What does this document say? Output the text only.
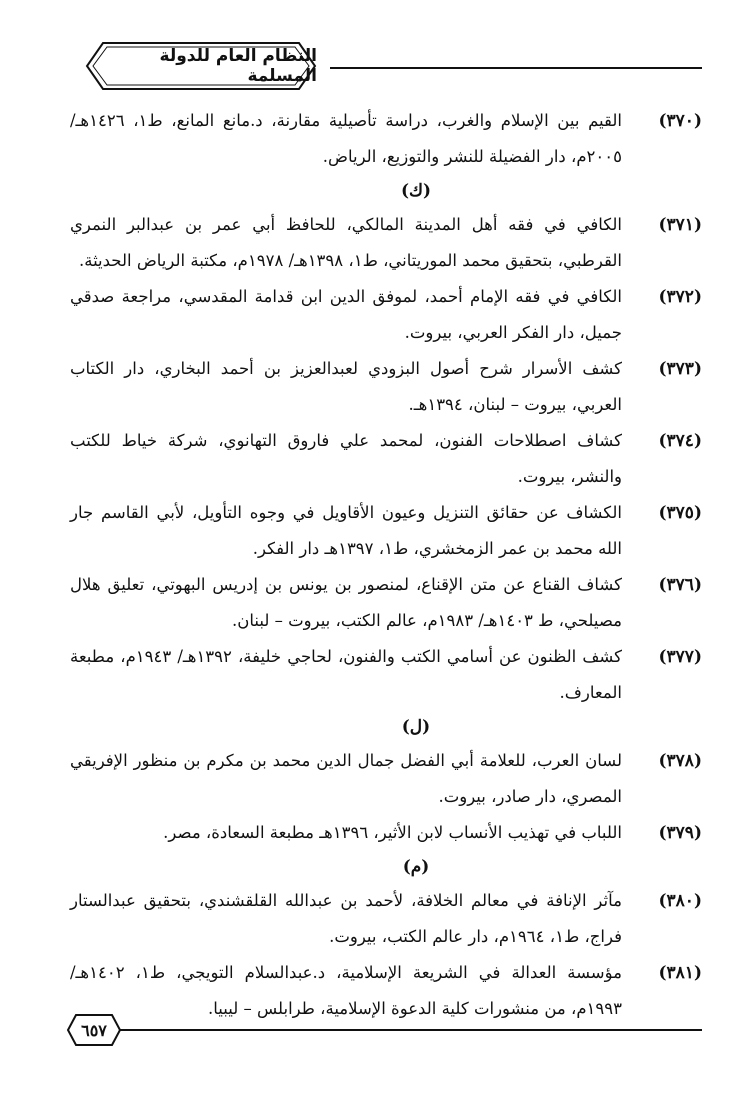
النظام العام للدولة المسلمة
(٣٧٠)
القيم بين الإسلام والغرب، دراسة تأصيلية مقارنة، د.مانع المانع، ط١، ١٤٢٦هـ/ ٢٠٠٥م، دار الفضيلة للنشر والتوزيع، الرياض.
(ك)
(٣٧١)
الكافي في فقه أهل المدينة المالكي، للحافظ أبي عمر بن عبدالبر النمري القرطبي، بتحقيق محمد الموريتاني، ط١، ١٣٩٨هـ/ ١٩٧٨م، مكتبة الرياض الحديثة.
(٣٧٢)
الكافي في فقه الإمام أحمد، لموفق الدين ابن قدامة المقدسي، مراجعة صدقي جميل، دار الفكر العربي، بيروت.
(٣٧٣)
كشف الأسرار شرح أصول البزودي لعبدالعزيز بن أحمد البخاري، دار الكتاب العربي، بيروت – لبنان، ١٣٩٤هـ.
(٣٧٤)
كشاف اصطلاحات الفنون، لمحمد علي فاروق التهانوي، شركة خياط للكتب والنشر، بيروت.
(٣٧٥)
الكشاف عن حقائق التنزيل وعيون الأقاويل في وجوه التأويل، لأبي القاسم جار الله محمد بن عمر الزمخشري، ط١، ١٣٩٧هـ دار الفكر.
(٣٧٦)
كشاف القناع عن متن الإقناع، لمنصور بن يونس بن إدريس البهوتي، تعليق هلال مصيلحي، ط ١٤٠٣هـ/ ١٩٨٣م، عالم الكتب، بيروت – لبنان.
(٣٧٧)
كشف الظنون عن أسامي الكتب والفنون، لحاجي خليفة، ١٣٩٢هـ/ ١٩٤٣م، مطبعة المعارف.
(ل)
(٣٧٨)
لسان العرب، للعلامة أبي الفضل جمال الدين محمد بن مكرم بن منظور الإفريقي المصري، دار صادر، بيروت.
(٣٧٩)
اللباب في تهذيب الأنساب لابن الأثير، ١٣٩٦هـ مطبعة السعادة، مصر.
(م)
(٣٨٠)
مآثر الإنافة في معالم الخلافة، لأحمد بن عبدالله القلقشندي، بتحقيق عبدالستار فراج، ط١، ١٩٦٤م، دار عالم الكتب، بيروت.
(٣٨١)
مؤسسة العدالة في الشريعة الإسلامية، د.عبدالسلام التويجي، ط١، ١٤٠٢هـ/ ١٩٩٣م، من منشورات كلية الدعوة الإسلامية، طرابلس – ليبيا.
٦٥٧
